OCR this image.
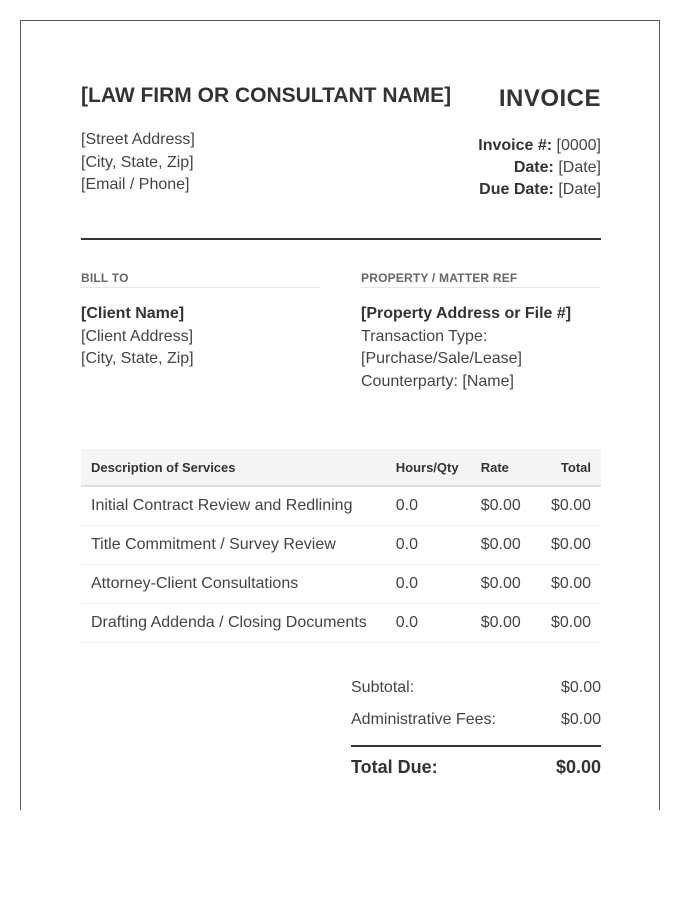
[LAW FIRM OR CONSULTANT NAME] INVOICE
[Street Address]
[City, State, Zip]
[Email / Phone]
Invoice #: [0000]
Date: [Date]
Due Date: [Date]
BILL TO	PROPERTY / MATTER REF
[Client Name]
[Client Address]
[City, State, Zip]
[Property Address or File #]
Transaction Type:
[Purchase/Sale/Lease]
Counterparty: [Name]
Description of Services	Hours/Qty	Rate	Total
Initial Contract Review and Redlining	0.0	$0.00	$0.00
Title Commitment / Survey Review	0.0	$0.00	$0.00
Attorney-Client Consultations	0.0	$0.00	$0.00
Drafting Addenda / Closing Documents	0.0	$0.00	$0.00
Subtotal:	$0.00
Administrative Fees:	$0.00
Total Due:	$0.00
